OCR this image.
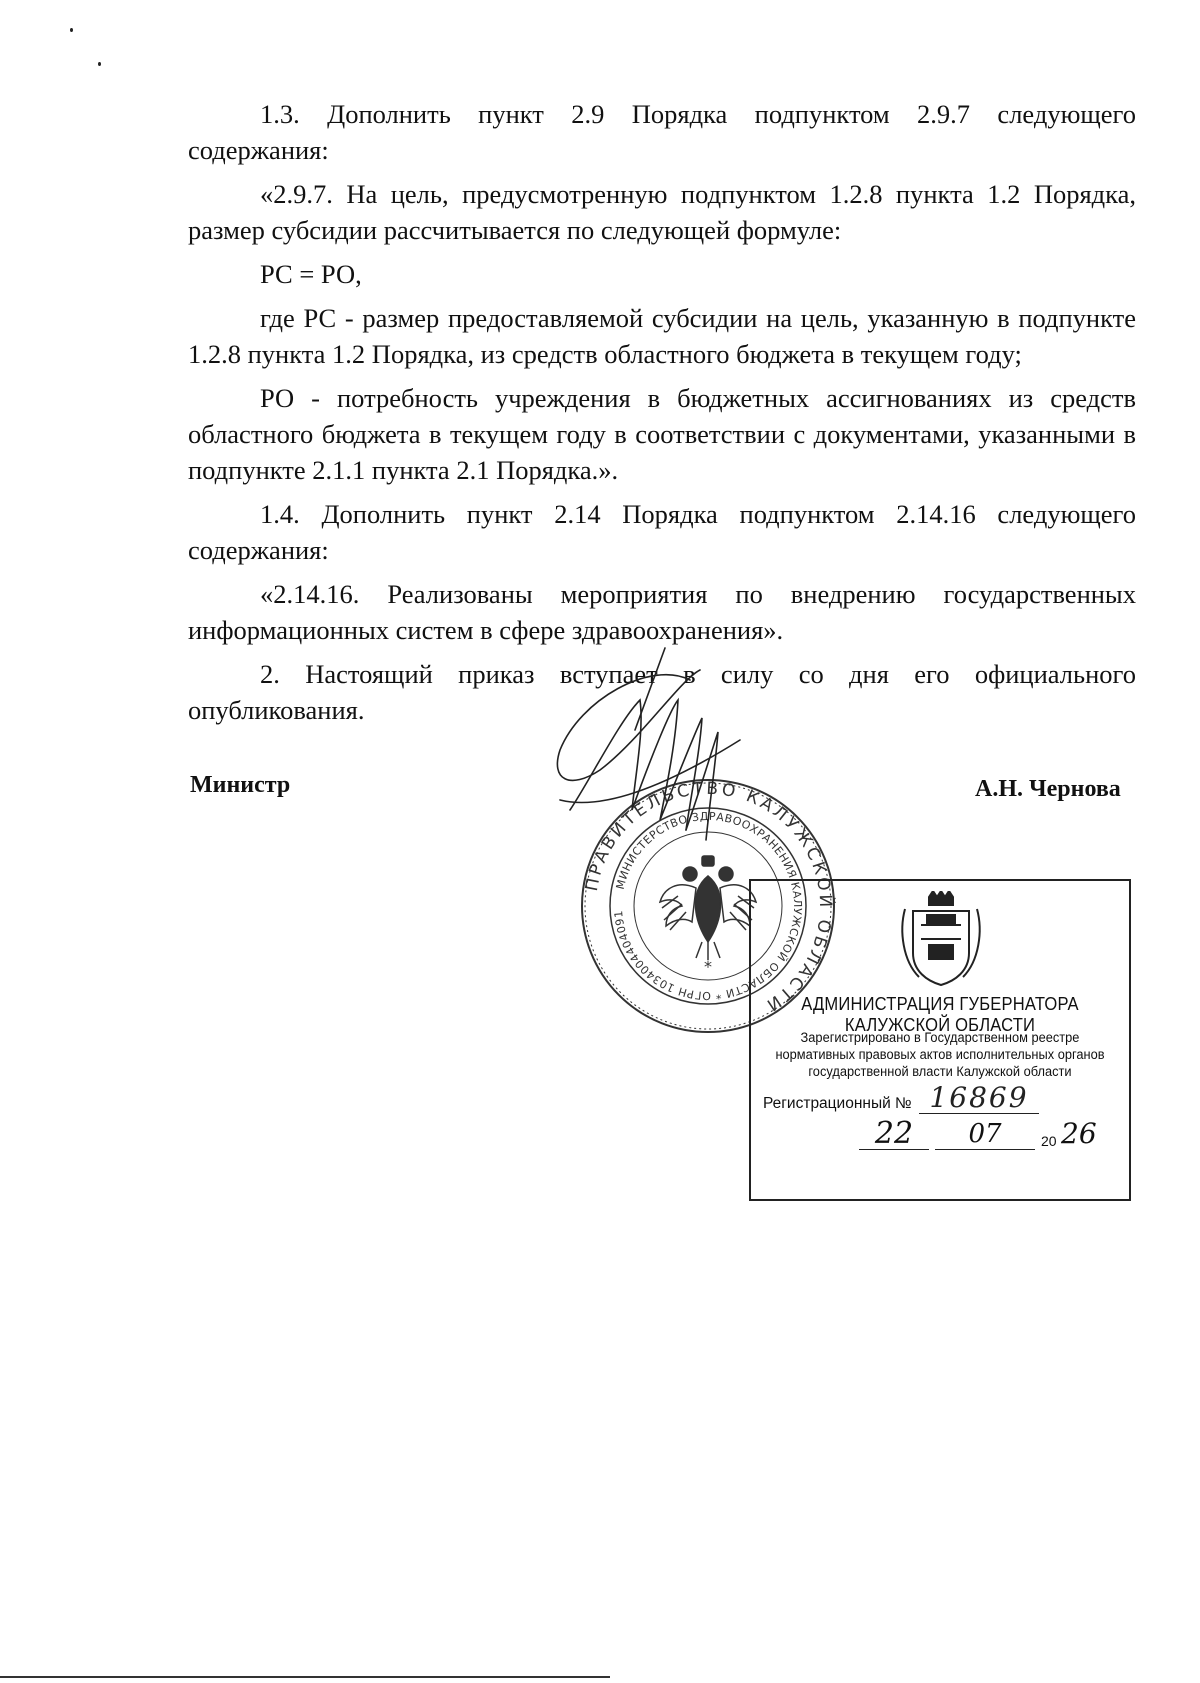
1.3. Дополнить пункт 2.9 Порядка подпунктом 2.9.7 следующего содержания:

«2.9.7. На цель, предусмотренную подпунктом 1.2.8 пункта 1.2 Порядка, размер субсидии рассчитывается по следующей формуле:

РС = РО,

где РС - размер предоставляемой субсидии на цель, указанную в подпункте 1.2.8 пункта 1.2 Порядка, из средств областного бюджета в текущем году;

РО - потребность учреждения в бюджетных ассигнованиях из средств областного бюджета в текущем году в соответствии с документами, указанными в подпункте 2.1.1 пункта 2.1 Порядка.».

1.4. Дополнить пункт 2.14 Порядка подпунктом 2.14.16 следующего содержания:

«2.14.16. Реализованы мероприятия по внедрению государственных информационных систем в сфере здравоохранения».

2. Настоящий приказ вступает в силу со дня его официального опубликования.

Министр	А.Н. Чернова
ПРАВИТЕЛЬСТВО КАЛУЖСКОЙ ОБЛАСТИ
МИНИСТЕРСТВО ЗДРАВООХРАНЕНИЯ КАЛУЖСКОЙ ОБЛАСТИ * ОГРН 1034004404091
*
АДМИНИСТРАЦИЯ ГУБЕРНАТОРА КАЛУЖСКОЙ ОБЛАСТИ
Зарегистрировано в Государственном реестре нормативных правовых актов исполнительных органов государственной власти Калужской области
Регистрационный № 16869
22	07	20 26
